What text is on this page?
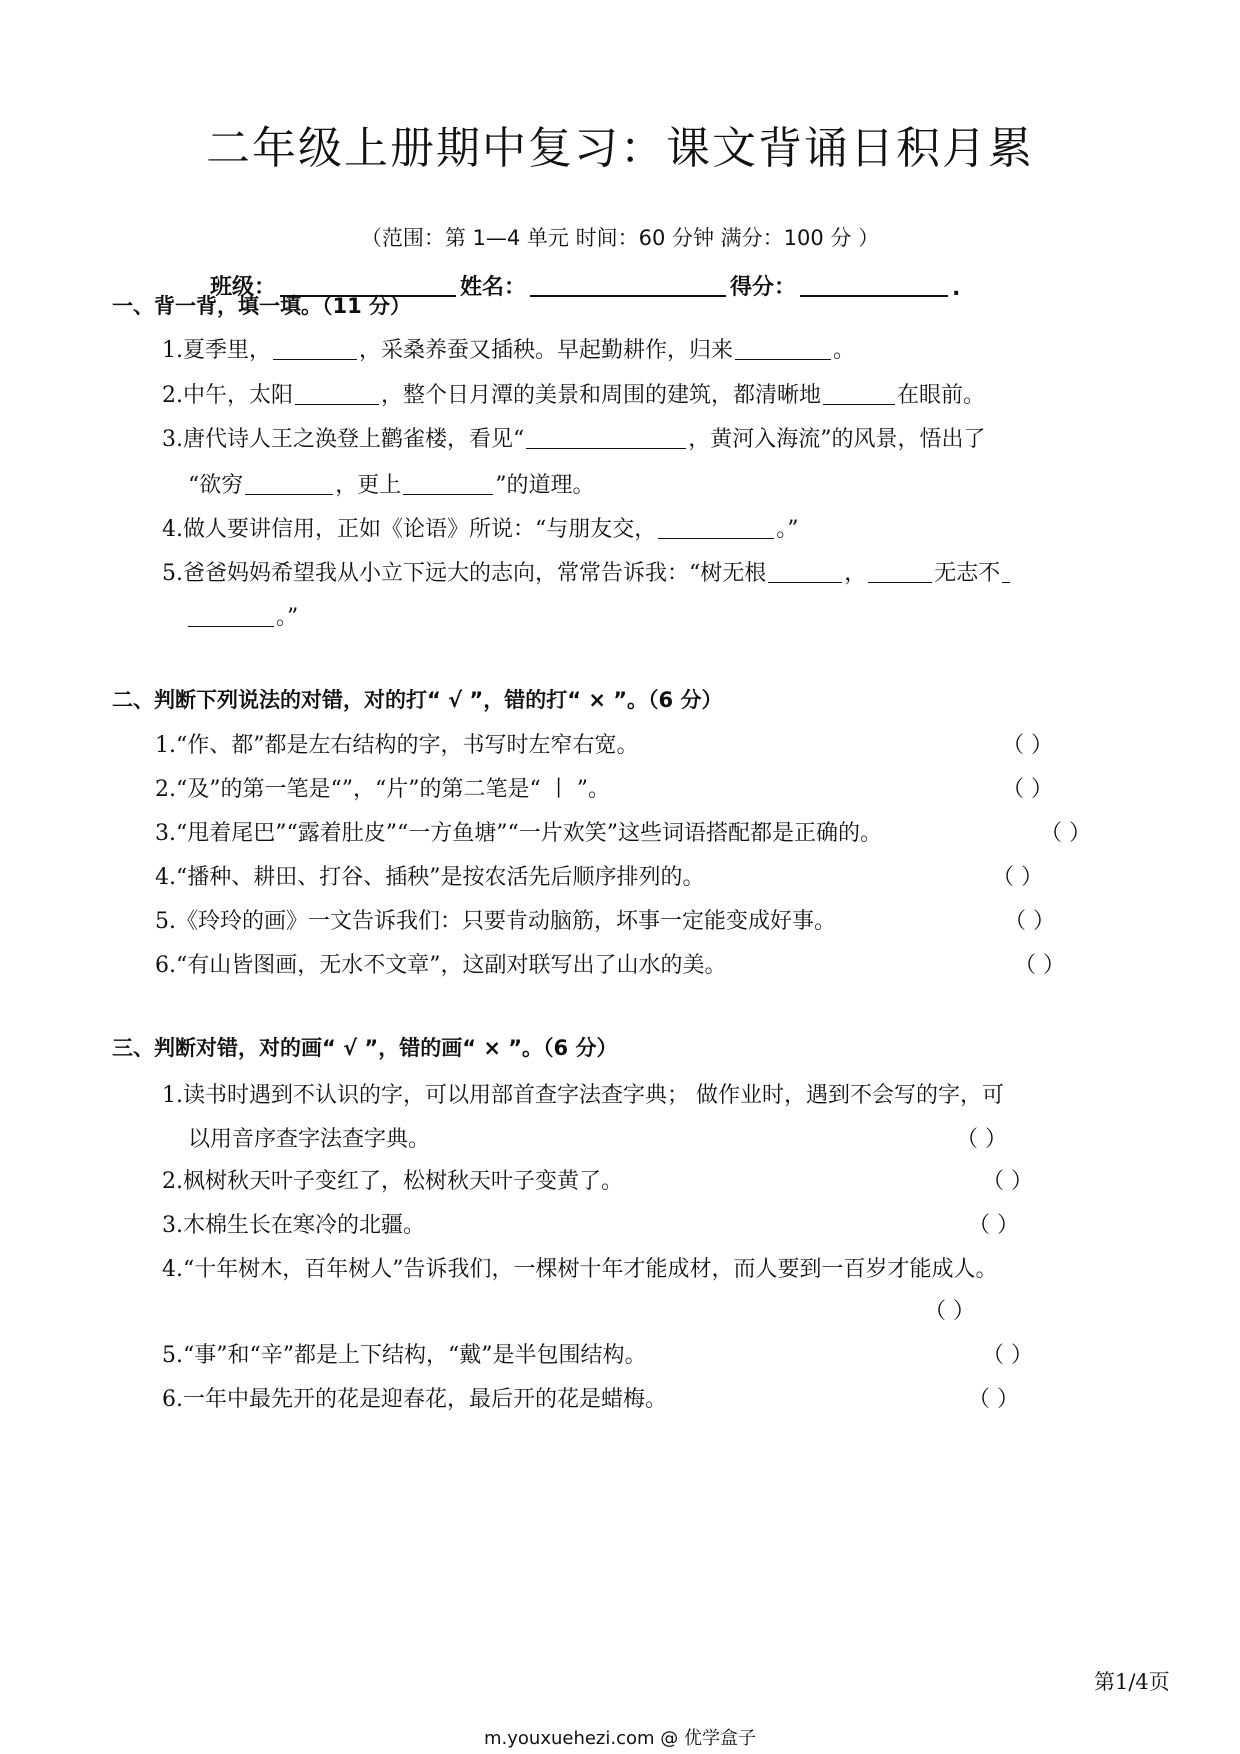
二年级上册期中复习：课文背诵日积月累
（范围：第 1—4 单元 时间：60 分钟 满分：100 分 ）
班级：	姓名：	得分：	.
一、背一背，填一填。（11 分）
1.夏季里，	，采桑养蚕又插秧。早起勤耕作，归来	。
2.中午，太阳	，整个日月潭的美景和周围的建筑，都清晰地	在眼前。
3.唐代诗人王之涣登上鹳雀楼，看见“	，黄河入海流”的风景，悟出了
“欲穷	，更上	”的道理。
4.做人要讲信用，正如《论语》所说：“与朋友交，	。”
5.爸爸妈妈希望我从小立下远大的志向，常常告诉我：“树无根	，	无志不
。”
二、判断下列说法的对错，对的打“ √ ”，错的打“ × ”。（6 分）
1.“作、都”都是左右结构的字，书写时左窄右宽。	（ ）
2.“及”的第一笔是“”，“片”的第二笔是“ 丨 ”。	（ ）
3.“甩着尾巴”“露着肚皮”“一方鱼塘”“一片欢笑”这些词语搭配都是正确的。	（ ）
4.“播种、耕田、打谷、插秧”是按农活先后顺序排列的。	（ ）
5.《玲玲的画》一文告诉我们：只要肯动脑筋，坏事一定能变成好事。	（ ）
6.“有山皆图画，无水不文章”，这副对联写出了山水的美。	（ ）
三、判断对错，对的画“ √ ”，错的画“ × ”。（6 分）
1.读书时遇到不认识的字，可以用部首查字法查字典； 做作业时，遇到不会写的字，可
以用音序查字法查字典。	（ ）
2.枫树秋天叶子变红了，松树秋天叶子变黄了。	（ ）
3.木棉生长在寒冷的北疆。	（ ）
4.“十年树木，百年树人”告诉我们，一棵树十年才能成材，而人要到一百岁才能成人。
（ ）
5.“事”和“辛”都是上下结构，“戴”是半包围结构。	（ ）
6.一年中最先开的花是迎春花，最后开的花是蜡梅。	（ ）
第1/4页
m.youxuehezi.com @ 优学盒子
